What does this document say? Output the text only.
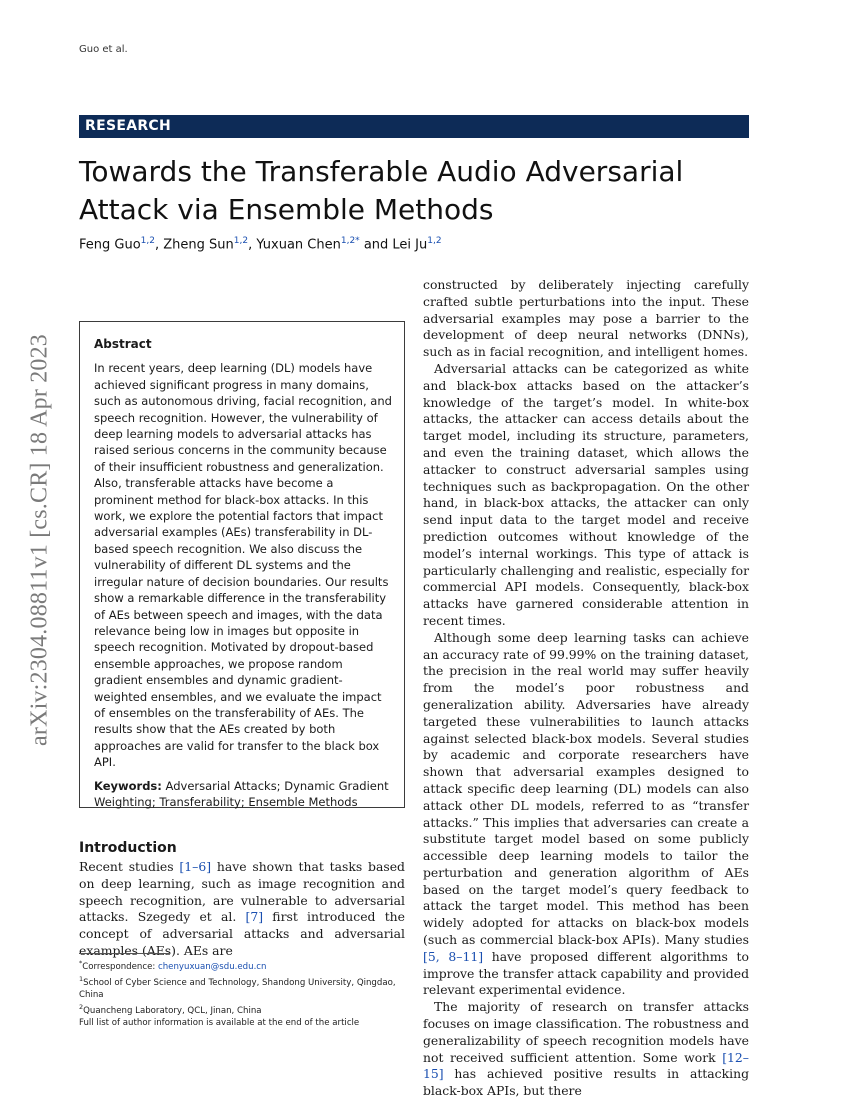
Guo et al.
arXiv:2304.08811v1 [cs.CR] 18 Apr 2023
RESEARCH
Towards the Transferable Audio Adversarial Attack via Ensemble Methods
Feng Guo$^{1,2}$, Zheng Sun$^{1,2}$, Yuxuan Chen$^{1,2*}$ and Lei Ju$^{1,2}$
Abstract

In recent years, deep learning (DL) models have achieved significant progress in many domains, such as autonomous driving, facial recognition, and speech recognition. However, the vulnerability of deep learning models to adversarial attacks has raised serious concerns in the community because of their insufficient robustness and generalization. Also, transferable attacks have become a prominent method for black-box attacks. In this work, we explore the potential factors that impact adversarial examples (AEs) transferability in DL-based speech recognition. We also discuss the vulnerability of different DL systems and the irregular nature of decision boundaries. Our results show a remarkable difference in the transferability of AEs between speech and images, with the data relevance being low in images but opposite in speech recognition. Motivated by dropout-based ensemble approaches, we propose random gradient ensembles and dynamic gradient-weighted ensembles, and we evaluate the impact of ensembles on the transferability of AEs. The results show that the AEs created by both approaches are valid for transfer to the black box API.

Keywords: Adversarial Attacks; Dynamic Gradient Weighting; Transferability; Ensemble Methods

Introduction

Recent studies [1–6] have shown that tasks based on deep learning, such as image recognition and speech recognition, are vulnerable to adversarial attacks. Szegedy et al. [7] first introduced the concept of adversarial attacks and adversarial examples (AEs). AEs are

*Correspondence: chenyuxuan@sdu.edu.cn
$^1$School of Cyber Science and Technology, Shandong University, Qingdao, China
$^2$Quancheng Laboratory, QCL, Jinan, China
Full list of author information is available at the end of the article

constructed by deliberately injecting carefully crafted subtle perturbations into the input. These adversarial examples may pose a barrier to the development of deep neural networks (DNNs), such as in facial recognition, and intelligent homes.

Adversarial attacks can be categorized as white and black-box attacks based on the attacker’s knowledge of the target’s model. In white-box attacks, the attacker can access details about the target model, including its structure, parameters, and even the training dataset, which allows the attacker to construct adversarial samples using techniques such as backpropagation. On the other hand, in black-box attacks, the attacker can only send input data to the target model and receive prediction outcomes without knowledge of the model’s internal workings. This type of attack is particularly challenging and realistic, especially for commercial API models. Consequently, black-box attacks have garnered considerable attention in recent times.

Although some deep learning tasks can achieve an accuracy rate of 99.99% on the training dataset, the precision in the real world may suffer heavily from the model’s poor robustness and generalization ability. Adversaries have already targeted these vulnerabilities to launch attacks against selected black-box models. Several studies by academic and corporate researchers have shown that adversarial examples designed to attack specific deep learning (DL) models can also attack other DL models, referred to as “transfer attacks.” This implies that adversaries can create a substitute target model based on some publicly accessible deep learning models to tailor the perturbation and generation algorithm of AEs based on the target model’s query feedback to attack the target model. This method has been widely adopted for attacks on black-box models (such as commercial black-box APIs). Many studies [5, 8–11] have proposed different algorithms to improve the transfer attack capability and provided relevant experimental evidence.

The majority of research on transfer attacks focuses on image classification. The robustness and generalizability of speech recognition models have not received sufficient attention. Some work [12–15] has achieved positive results in attacking black-box APIs, but there
